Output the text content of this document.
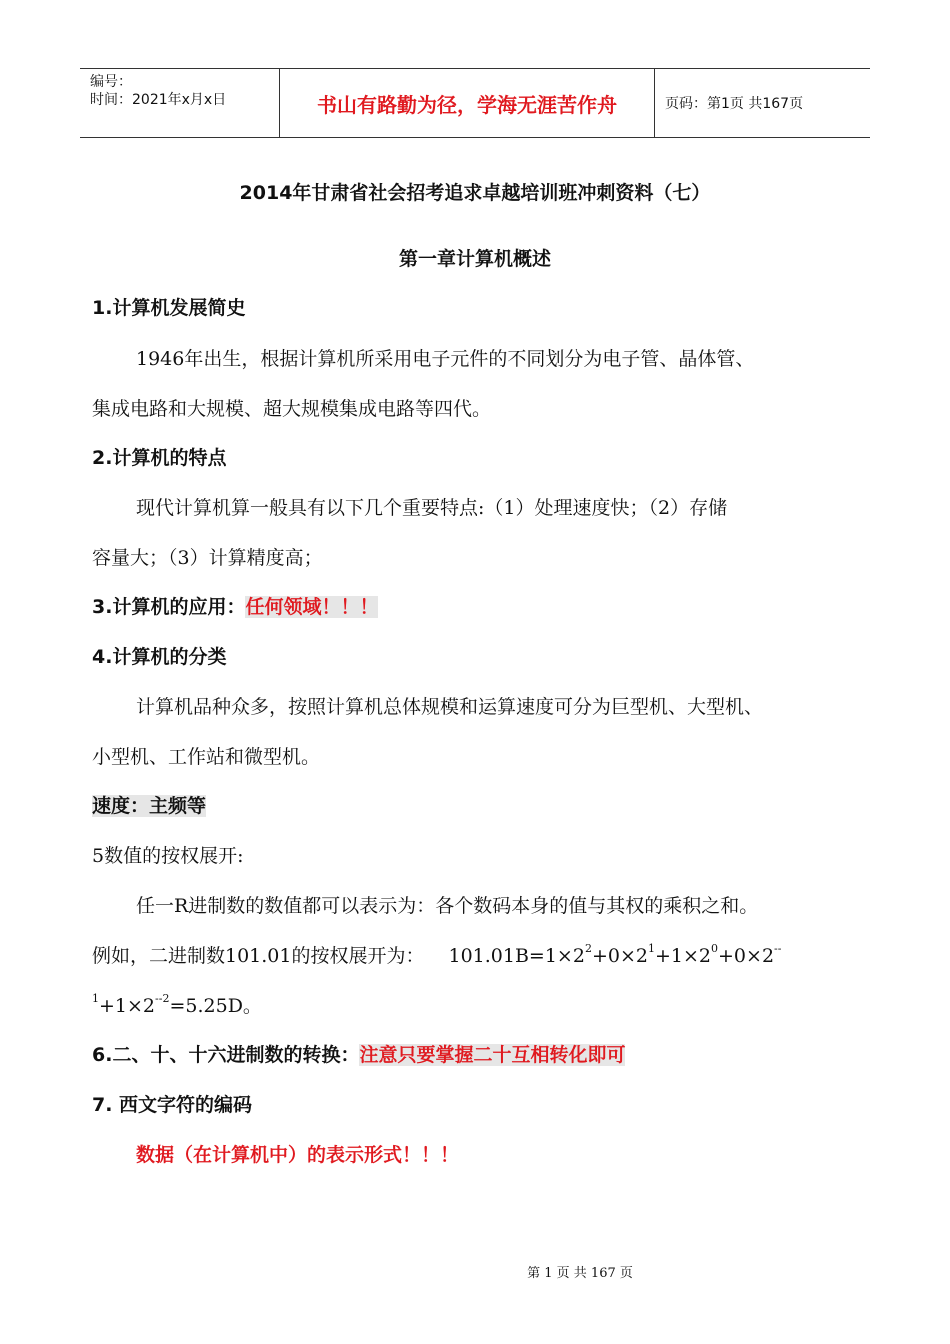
编号：
时间：2021年x月x日	书山有路勤为径，学海无涯苦作舟	页码：第1页 共167页
2014年甘肃省社会招考追求卓越培训班冲刺资料（七）
第一章计算机概述
1.计算机发展简史
1946年出生，根据计算机所采用电子元件的不同划分为电子管、晶体管、
集成电路和大规模、超大规模集成电路等四代。
2.计算机的特点
现代计算机算一般具有以下几个重要特点:（1）处理速度快；（2）存储
容量大；（3）计算精度高；
3.计算机的应用：任何领域！！！
4.计算机的分类
计算机品种众多，按照计算机总体规模和运算速度可分为巨型机、大型机、
小型机、工作站和微型机。
速度：主频等
5数值的按权展开:
任一R进制数的数值都可以表示为：各个数码本身的值与其权的乘积之和。
例如，二进制数101.01的按权展开为： $101.01B=1\times 2^2+0\times 2^1+1\times 2^0+0\times 2^{--}$
$^1+1\times 2^{--2}=5.25D$。
6.二、十、十六进制数的转换：注意只要掌握二十互相转化即可
7. 西文字符的编码
数据（在计算机中）的表示形式！！！
第 1 页 共 167 页
